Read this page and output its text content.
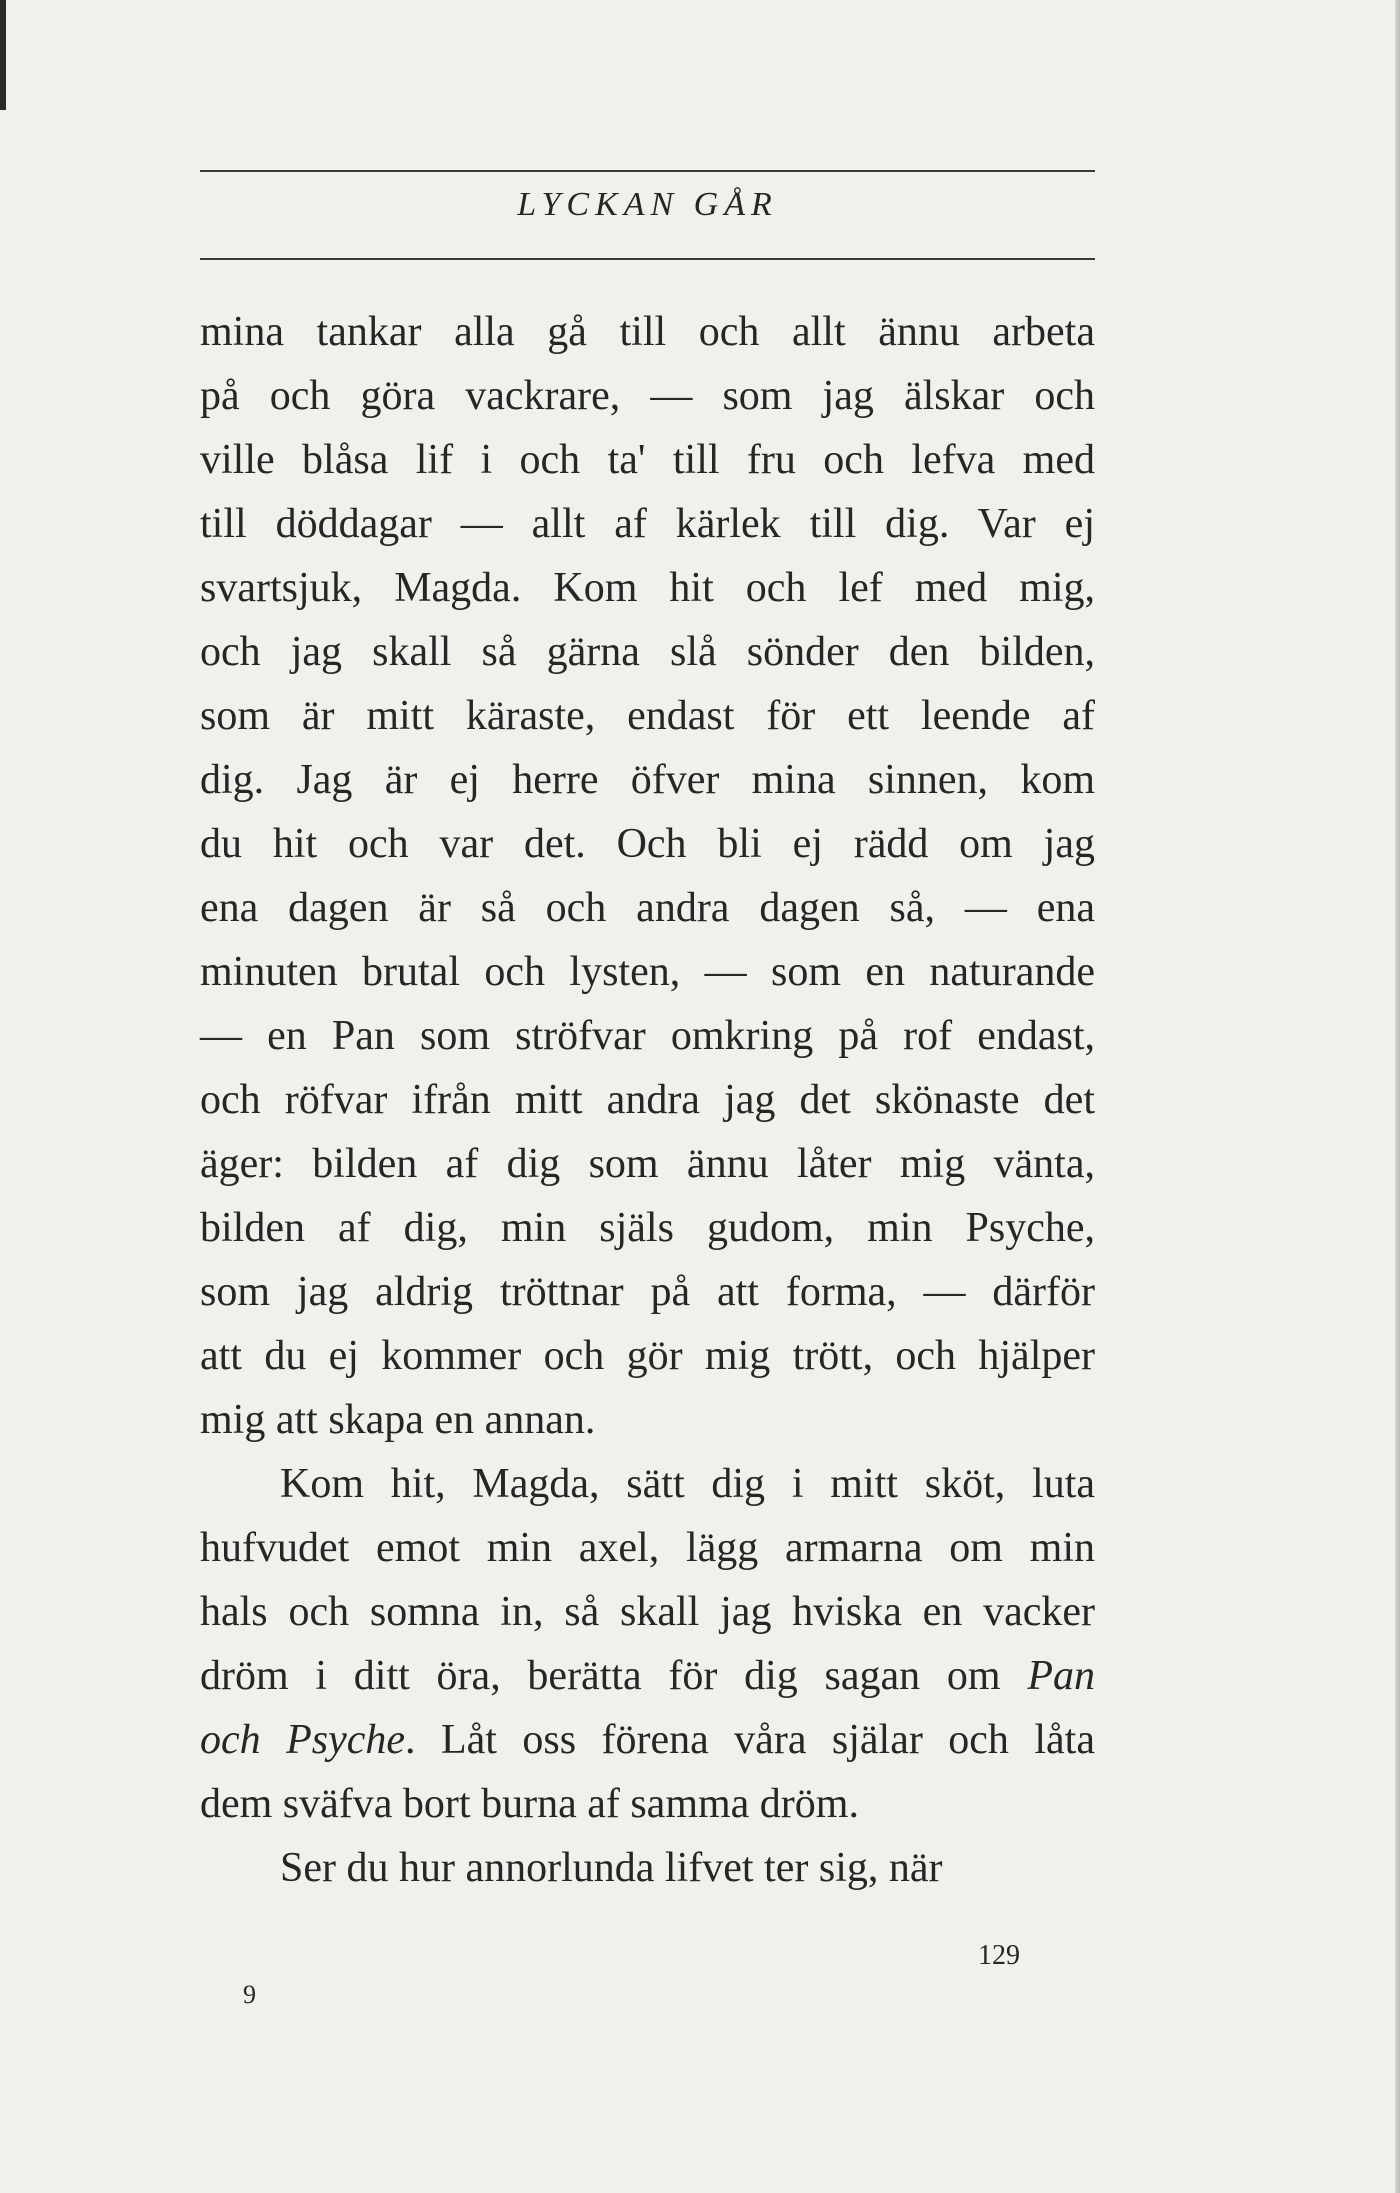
LYCKAN GÅR
mina tankar alla gå till och allt ännu arbeta
på och göra vackrare, — som jag älskar och
ville blåsa lif i och ta' till fru och lefva med
till döddagar — allt af kärlek till dig. Var ej
svartsjuk, Magda. Kom hit och lef med mig,
och jag skall så gärna slå sönder den bilden,
som är mitt käraste, endast för ett leende af
dig. Jag är ej herre öfver mina sinnen, kom
du hit och var det. Och bli ej rädd om jag
ena dagen är så och andra dagen så, — ena
minuten brutal och lysten, — som en naturande
— en Pan som ströfvar omkring på rof endast,
och röfvar ifrån mitt andra jag det skönaste det
äger: bilden af dig som ännu låter mig vänta,
bilden af dig, min själs gudom, min Psyche,
som jag aldrig tröttnar på att forma, — därför
att du ej kommer och gör mig trött, och hjälper
mig att skapa en annan.
Kom hit, Magda, sätt dig i mitt sköt, luta
hufvudet emot min axel, lägg armarna om min
hals och somna in, så skall jag hviska en vacker
dröm i ditt öra, berätta för dig sagan om Pan
och Psyche. Låt oss förena våra själar och låta
dem sväfva bort burna af samma dröm.
Ser du hur annorlunda lifvet ter sig, när
129
9
